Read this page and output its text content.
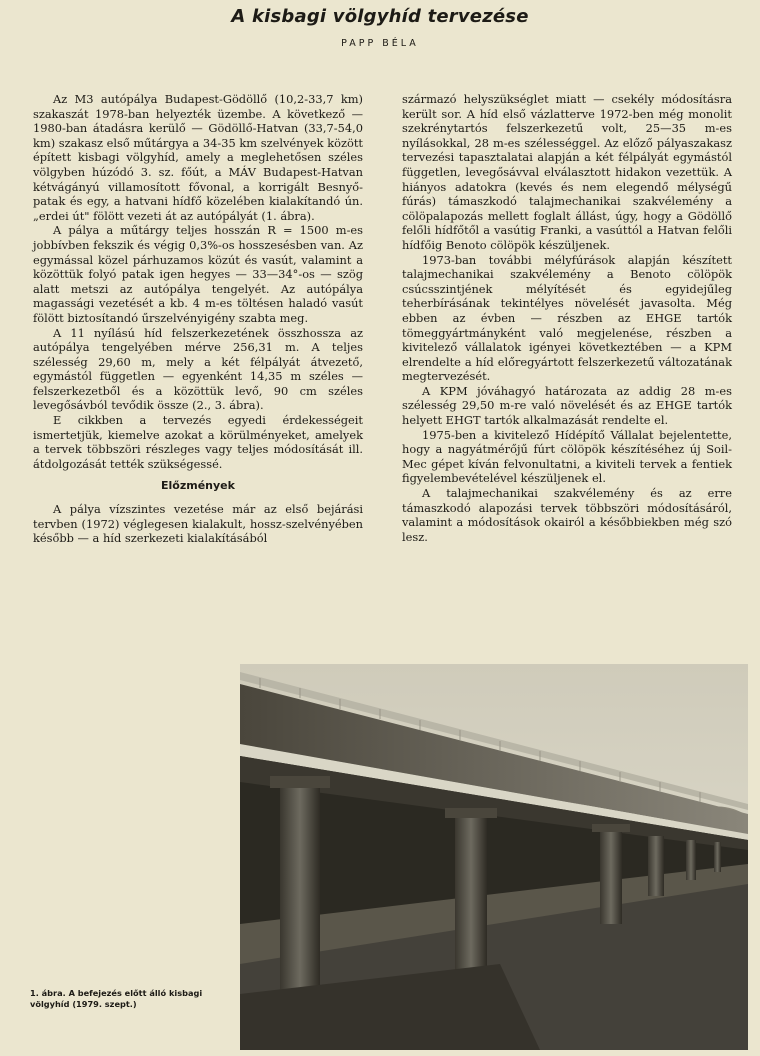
A kisbagi völgyhíd tervezése
PAPP BÉLA

Az M3 autópálya Budapest-Gödöllő (10,2-33,7 km) szakaszát 1978-ban helyezték üzembe. A következő — 1980-ban átadásra kerülő — Gödöllő-Hatvan (33,7-54,0 km) szakasz első műtárgya a 34-35 km szelvények között épített kisbagi völgyhíd, amely a meglehetősen széles völgyben húzódó 3. sz. főút, a MÁV Budapest-Hatvan kétvágányú villamosított fővonal, a korrigált Besnyő-patak és egy, a hatvani hídfő közelében kialakítandó ún. „erdei út" fölött vezeti át az autópályát (1. ábra).

A pálya a műtárgy teljes hosszán R = 1500 m-es jobbívben fekszik és végig 0,3%-os hosszesésben van. Az egymással közel párhuzamos közút és vasút, valamint a közöttük folyó patak igen hegyes — 33—34°-os — szög alatt metszi az autópálya tengelyét. Az autópálya magassági vezetését a kb. 4 m-es töltésen haladó vasút fölött biztosítandó űrszelvényigény szabta meg.

A 11 nyílású híd felszerkezetének összhossza az autópálya tengelyében mérve 256,31 m. A teljes szélesség 29,60 m, mely a két félpályát átvezető, egymástól független — egyenként 14,35 m széles — felszerkezetből és a közöttük levő, 90 cm széles levegősávból tevődik össze (2., 3. ábra).

E cikkben a tervezés egyedi érdekességeit ismertetjük, kiemelve azokat a körülményeket, amelyek a tervek többszöri részleges vagy teljes módosítását ill. átdolgozását tették szükségessé.

Előzmények

A pálya vízszintes vezetése már az első bejárási tervben (1972) véglegesen kialakult, hossz-szelvényében később — a híd szerkezeti kialakításából

származó helyszükséglet miatt — csekély módosításra került sor. A híd első vázlatterve 1972-ben még monolit szekrénytartós felszerkezetű volt, 25—35 m-es nyílásokkal, 28 m-es szélességgel. Az előző pályaszakasz tervezési tapasztalatai alapján a két félpályát egymástól független, levegősávval elválasztott hidakon vezettük. A hiányos adatokra (kevés és nem elegendő mélységű fúrás) támaszkodó talajmechanikai szakvélemény a cölöpalapozás mellett foglalt állást, úgy, hogy a Gödöllő felőli hídfőtől a vasútig Franki, a vasúttól a Hatvan felőli hídfőig Benoto cölöpök készüljenek.

1973-ban további mélyfúrások alapján készített talajmechanikai szakvélemény a Benoto cölöpök csúcsszintjének mélyítését és egyidejűleg teherbírásának tekintélyes növelését javasolta. Még ebben az évben — részben az EHGE tartók tömeggyártmányként való megjelenése, részben a kivitelező vállalatok igényei következtében — a KPM elrendelte a híd előregyártott felszerkezetű változatának megtervezését.

A KPM jóváhagyó határozata az addig 28 m-es szélesség 29,50 m-re való növelését és az EHGE tartók helyett EHGT tartók alkalmazását rendelte el.

1975-ben a kivitelező Hídépítő Vállalat bejelentette, hogy a nagyátmérőjű fúrt cölöpök készítéséhez új Soil-Mec gépet kíván felvonultatni, a kiviteli tervek a fentiek figyelembevételével készüljenek el.

A talajmechanikai szakvélemény és az erre támaszkodó alapozási tervek többszöri módosításáról, valamint a módosítások okairól a későbbiekben még szó lesz.

1. ábra. A befejezés előtt álló kisbagi völgyhíd (1979. szept.)
